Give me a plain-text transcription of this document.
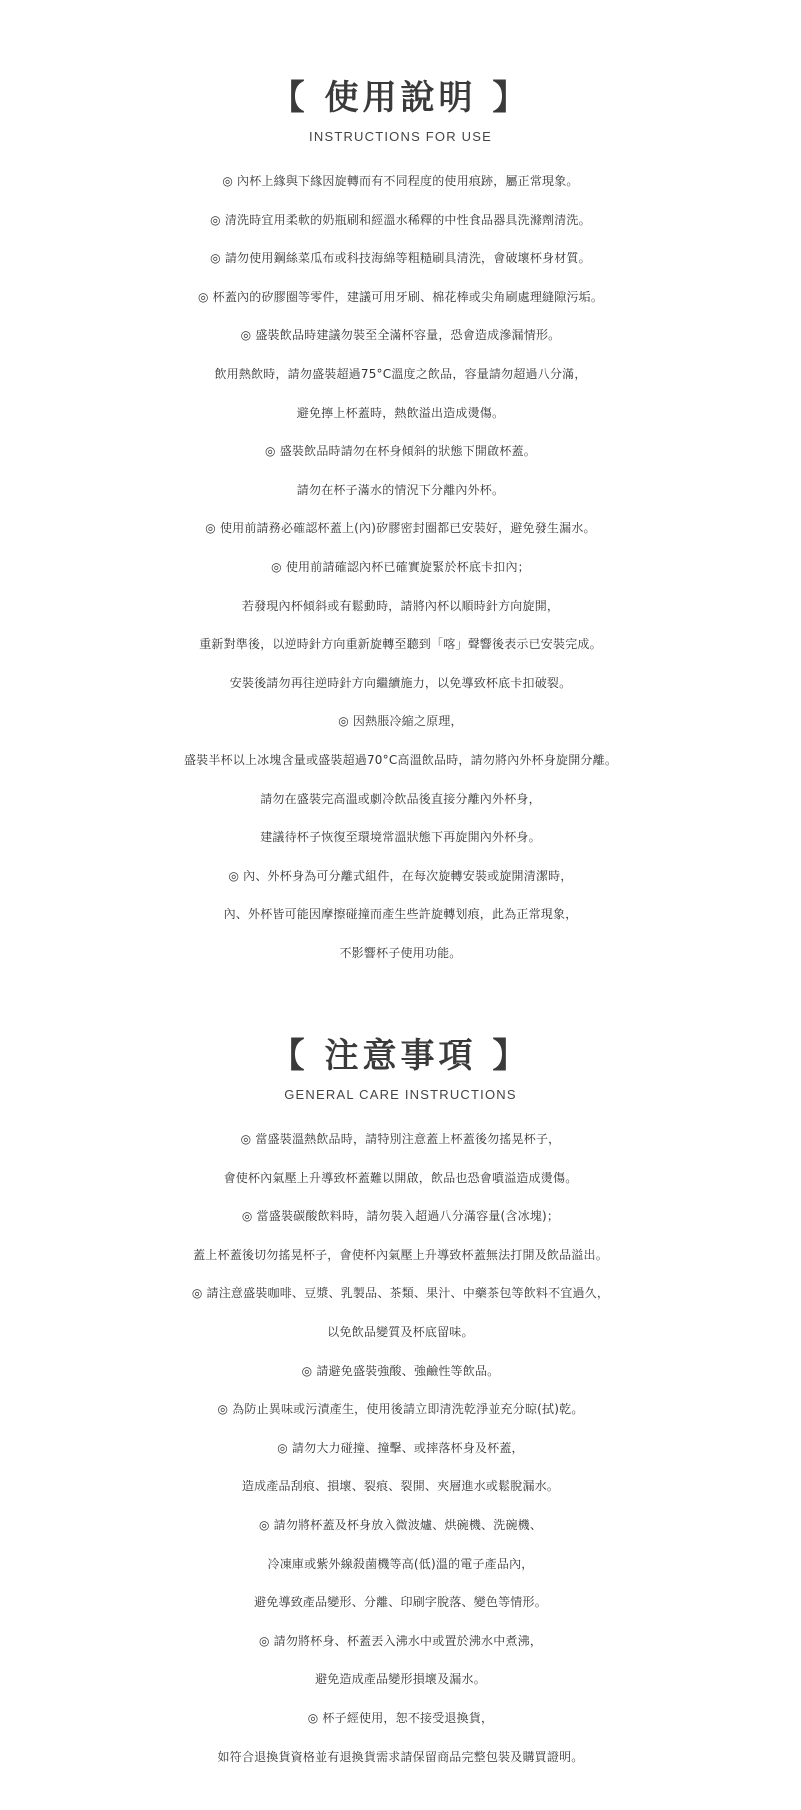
【 使用說明 】
INSTRUCTIONS FOR USE
◎ 內杯上緣與下緣因旋轉而有不同程度的使用痕跡，屬正常現象。
◎ 清洗時宜用柔軟的奶瓶刷和經溫水稀釋的中性食品器具洗滌劑清洗。
◎ 請勿使用鋼絲菜瓜布或科技海綿等粗糙刷具清洗，會破壞杯身材質。
◎ 杯蓋內的矽膠圈等零件，建議可用牙刷、棉花棒或尖角刷處理縫隙污垢。
◎ 盛裝飲品時建議勿裝至全滿杯容量，恐會造成滲漏情形。
飲用熱飲時，請勿盛裝超過75°C溫度之飲品，容量請勿超過八分滿，
避免擰上杯蓋時，熱飲溢出造成燙傷。
◎ 盛裝飲品時請勿在杯身傾斜的狀態下開啟杯蓋。
請勿在杯子滿水的情況下分離內外杯。
◎ 使用前請務必確認杯蓋上(內)矽膠密封圈都已安裝好，避免發生漏水。
◎ 使用前請確認內杯已確實旋緊於杯底卡扣內；
若發現內杯傾斜或有鬆動時，請將內杯以順時針方向旋開，
重新對準後，以逆時針方向重新旋轉至聽到「喀」聲響後表示已安裝完成。
安裝後請勿再往逆時針方向繼續施力，以免導致杯底卡扣破裂。
◎ 因熱脹冷縮之原理，
盛裝半杯以上冰塊含量或盛裝超過70°C高溫飲品時，請勿將內外杯身旋開分離。
請勿在盛裝完高溫或劇冷飲品後直接分離內外杯身，
建議待杯子恢復至環境常溫狀態下再旋開內外杯身。
◎ 內、外杯身為可分離式組件，在每次旋轉安裝或旋開清潔時，
內、外杯皆可能因摩擦碰撞而產生些許旋轉划痕，此為正常現象，
不影響杯子使用功能。
【 注意事項 】
GENERAL CARE INSTRUCTIONS
◎ 當盛裝溫熱飲品時，請特別注意蓋上杯蓋後勿搖晃杯子，
會使杯內氣壓上升導致杯蓋難以開啟，飲品也恐會噴溢造成燙傷。
◎ 當盛裝碳酸飲料時，請勿裝入超過八分滿容量(含冰塊)；
蓋上杯蓋後切勿搖晃杯子，會使杯內氣壓上升導致杯蓋無法打開及飲品溢出。
◎ 請注意盛裝咖啡、豆漿、乳製品、茶類、果汁、中藥茶包等飲料不宜過久，
以免飲品變質及杯底留味。
◎ 請避免盛裝強酸、強鹼性等飲品。
◎ 為防止異味或污漬產生，使用後請立即清洗乾淨並充分晾(拭)乾。
◎ 請勿大力碰撞、撞擊、或摔落杯身及杯蓋，
造成產品刮痕、損壞、裂痕、裂開、夾層進水或鬆脫漏水。
◎ 請勿將杯蓋及杯身放入微波爐、烘碗機、洗碗機、
冷凍庫或紫外線殺菌機等高(低)溫的電子產品內，
避免導致產品變形、分離、印刷字脫落、變色等情形。
◎ 請勿將杯身、杯蓋丟入沸水中或置於沸水中煮沸，
避免造成產品變形損壞及漏水。
◎ 杯子經使用，恕不接受退換貨，
如符合退換貨資格並有退換貨需求請保留商品完整包裝及購買證明。
